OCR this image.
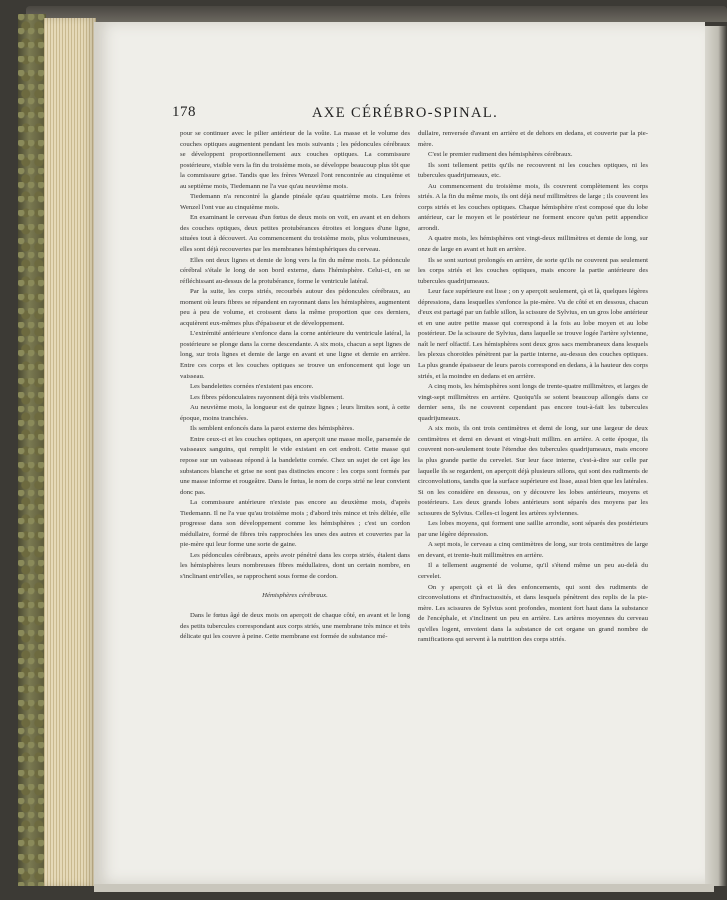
178	AXE CÉRÉBRO-SPINAL.

pour se continuer avec le pilier antérieur de la voûte. La masse et le volume des couches optiques augmentent pendant les mois suivants ; les pédoncules cérébraux se développent proportionnellement aux couches optiques. La commissure postérieure, visible vers la fin du troisième mois, se développe beaucoup plus tôt que la commissure grise. Tandis que les frères Wenzel l'ont rencontrée au cinquième et au septième mois, Tiedemann ne l'a vue qu'au neuvième mois.

Tiedemann n'a rencontré la glande pinéale qu'au quatrième mois. Les frères Wenzel l'ont vue au cinquième mois.

En examinant le cerveau d'un fœtus de deux mois on voit, en avant et en dehors des couches optiques, deux petites protubérances étroites et longues d'une ligne, situées tout à découvert. Au commencement du troisième mois, plus volumineuses, elles sont déjà recouvertes par les membranes hémisphériques du cerveau.

Elles ont deux lignes et demie de long vers la fin du même mois. Le pédoncule cérébral s'étale le long de son bord externe, dans l'hémisphère. Celui-ci, en se réfléchissant au-dessus de la protubérance, forme le ventricule latéral.

Par la suite, les corps striés, recourbés autour des pédoncules cérébraux, au moment où leurs fibres se répandent en rayonnant dans les hémisphères, augmentent peu à peu de volume, et croissent dans la même proportion que ces derniers, acquièrent eux-mêmes plus d'épaisseur et de développement.

L'extrémité antérieure s'enfonce dans la corne antérieure du ventricule latéral, la postérieure se plonge dans la corne descendante. A six mois, chacun a sept lignes de long, sur trois lignes et demie de large en avant et une ligne et demie en arrière. Entre ces corps et les couches optiques se trouve un enfoncement qui loge un vaisseau.

Les bandelettes cornées n'existent pas encore.

Les fibres pédonculaires rayonnent déjà très visiblement.

Au neuvième mois, la longueur est de quinze lignes ; leurs limites sont, à cette époque, moins tranchées.

Ils semblent enfoncés dans la paroi externe des hémisphères.

Entre ceux-ci et les couches optiques, on aperçoit une masse molle, parsemée de vaisseaux sanguins, qui remplit le vide existant en cet endroit. Cette masse qui repose sur un vaisseau répond à la bandelette cornée. Chez un sujet de cet âge les substances blanche et grise ne sont pas distinctes encore : les corps sont formés par une masse informe et rougeâtre. Dans le fœtus, le nom de corps strié ne leur convient donc pas.

La commissure antérieure n'existe pas encore au deuxième mois, d'après Tiedemann. Il ne l'a vue qu'au troisième mois ; d'abord très mince et très déliée, elle progresse dans son développement comme les hémisphères ; c'est un cordon médullaire, formé de fibres très rapprochées les unes des autres et couvertes par la pie-mère qui leur forme une sorte de gaine.

Les pédoncules cérébraux, après avoir pénétré dans les corps striés, étalent dans les hémisphères leurs nombreuses fibres médullaires, dont un certain nombre, en s'inclinant entr'elles, se rapprochent sous forme de cordon.

Hémisphères cérébraux.

Dans le fœtus âgé de deux mois on aperçoit de chaque côté, en avant et le long des petits tubercules correspondant aux corps striés, une membrane très mince et très délicate qui les couvre à peine. Cette membrane est formée de substance mé-

dullaire, renversée d'avant en arrière et de dehors en dedans, et couverte par la pie-mère.

C'est le premier rudiment des hémisphères cérébraux.

Ils sont tellement petits qu'ils ne recouvrent ni les couches optiques, ni les tubercules quadrijumeaux, etc.

Au commencement du troisième mois, ils couvrent complètement les corps striés. A la fin du même mois, ils ont déjà neuf millimètres de large ; ils couvrent les corps striés et les couches optiques. Chaque hémisphère n'est composé que du lobe antérieur, car le moyen et le postérieur ne forment encore qu'un petit appendice arrondi.

A quatre mois, les hémisphères ont vingt-deux millimètres et demie de long, sur onze de large en avant et huit en arrière.

Ils se sont surtout prolongés en arrière, de sorte qu'ils ne couvrent pas seulement les corps striés et les couches optiques, mais encore la partie antérieure des tubercules quadrijumeaux.

Leur face supérieure est lisse ; on y aperçoit seulement, çà et là, quelques légères dépressions, dans lesquelles s'enfonce la pie-mère. Vu de côté et en dessous, chacun d'eux est partagé par un faible sillon, la scissure de Sylvius, en un gros lobe antérieur et en une autre petite masse qui correspond à la fois au lobe moyen et au lobe postérieur. De la scissure de Sylvius, dans laquelle se trouve logée l'artère sylvienne, naît le nerf olfactif. Les hémisphères sont deux gros sacs membraneux dans lesquels les plexus choroïdes pénètrent par la partie interne, au-dessus des couches optiques. La plus grande épaisseur de leurs parois correspond en dedans, à la hauteur des corps striés, et la moindre en dedans et en arrière.

A cinq mois, les hémisphères sont longs de trente-quatre millimètres, et larges de vingt-sept millimètres en arrière. Quoiqu'ils se soient beaucoup allongés dans ce dernier sens, ils ne couvrent cependant pas encore tout-à-fait les tubercules quadrijumeaux.

A six mois, ils ont trois centimètres et demi de long, sur une largeur de deux centimètres et demi en devant et vingt-huit millim. en arrière. A cette époque, ils couvrent non-seulement toute l'étendue des tubercules quadrijumeaux, mais encore la plus grande partie du cervelet. Sur leur face interne, c'est-à-dire sur celle par laquelle ils se regardent, on aperçoit déjà plusieurs sillons, qui sont des rudiments de circonvolutions, tandis que la surface supérieure est lisse, aussi bien que les latérales. Si on les considère en dessous, on y découvre les lobes antérieurs, moyens et postérieurs. Les deux grands lobes antérieurs sont séparés des moyens par les scissures de Sylvius. Celles-ci logent les artères sylviennes.

Les lobes moyens, qui forment une saillie arrondie, sont séparés des postérieurs par une légère dépression.

A sept mois, le cerveau a cinq centimètres de long, sur trois centimètres de large en devant, et trente-huit millimètres en arrière.

Il a tellement augmenté de volume, qu'il s'étend même un peu au-delà du cervelet.

On y aperçoit çà et là des enfoncements, qui sont des rudiments de circonvolutions et d'infractuosités, et dans lesquels pénètrent des replis de la pie-mère. Les scissures de Sylvius sont profondes, montent fort haut dans la substance de l'encéphale, et s'inclinent un peu en arrière. Les artères moyennes du cerveau qu'elles logent, envoient dans la substance de cet organe un grand nombre de ramifications qui servent à la nutrition des corps striés.
